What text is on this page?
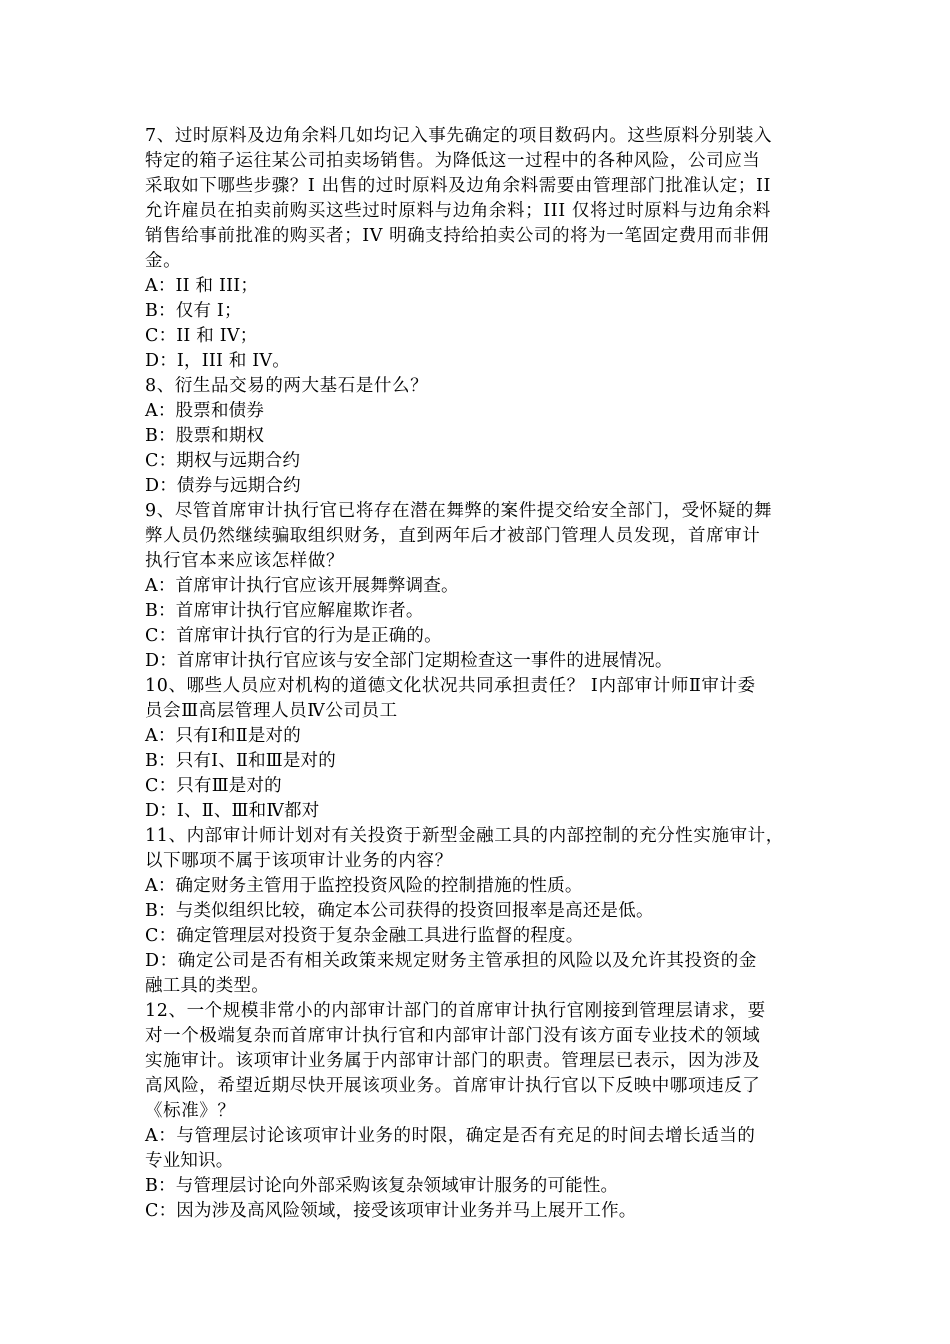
7、过时原料及边角余料几如均记入事先确定的项目数码内。这些原料分别装入
特定的箱子运往某公司拍卖场销售。为降低这一过程中的各种风险，公司应当
采取如下哪些步骤？I 出售的过时原料及边角余料需要由管理部门批准认定；II
允许雇员在拍卖前购买这些过时原料与边角余料；III 仅将过时原料与边角余料
销售给事前批准的购买者；IV 明确支持给拍卖公司的将为一笔固定费用而非佣
金。
A：II 和 III；
B：仅有 I；
C：II 和 IV；
D：I，III 和 IV。
8、衍生品交易的两大基石是什么？
A：股票和债券
B：股票和期权
C：期权与远期合约
D：债券与远期合约
9、尽管首席审计执行官已将存在潜在舞弊的案件提交给安全部门，受怀疑的舞
弊人员仍然继续骗取组织财务，直到两年后才被部门管理人员发现，首席审计
执行官本来应该怎样做？
A：首席审计执行官应该开展舞弊调查。
B：首席审计执行官应解雇欺诈者。
C：首席审计执行官的行为是正确的。
D：首席审计执行官应该与安全部门定期检查这一事件的进展情况。
10、哪些人员应对机构的道德文化状况共同承担责任？ Ⅰ内部审计师Ⅱ审计委
员会Ⅲ高层管理人员Ⅳ公司员工
A：只有Ⅰ和Ⅱ是对的
B：只有Ⅰ、Ⅱ和Ⅲ是对的
C：只有Ⅲ是对的
D：Ⅰ、Ⅱ、Ⅲ和Ⅳ都对
11、内部审计师计划对有关投资于新型金融工具的内部控制的充分性实施审计，
以下哪项不属于该项审计业务的内容？
A：确定财务主管用于监控投资风险的控制措施的性质。
B：与类似组织比较，确定本公司获得的投资回报率是高还是低。
C：确定管理层对投资于复杂金融工具进行监督的程度。
D：确定公司是否有相关政策来规定财务主管承担的风险以及允许其投资的金
融工具的类型。
12、一个规模非常小的内部审计部门的首席审计执行官刚接到管理层请求，要
对一个极端复杂而首席审计执行官和内部审计部门没有该方面专业技术的领域
实施审计。该项审计业务属于内部审计部门的职责。管理层已表示，因为涉及
高风险，希望近期尽快开展该项业务。首席审计执行官以下反映中哪项违反了
《标准》？
A：与管理层讨论该项审计业务的时限，确定是否有充足的时间去增长适当的
专业知识。
B：与管理层讨论向外部采购该复杂领域审计服务的可能性。
C：因为涉及高风险领域，接受该项审计业务并马上展开工作。
